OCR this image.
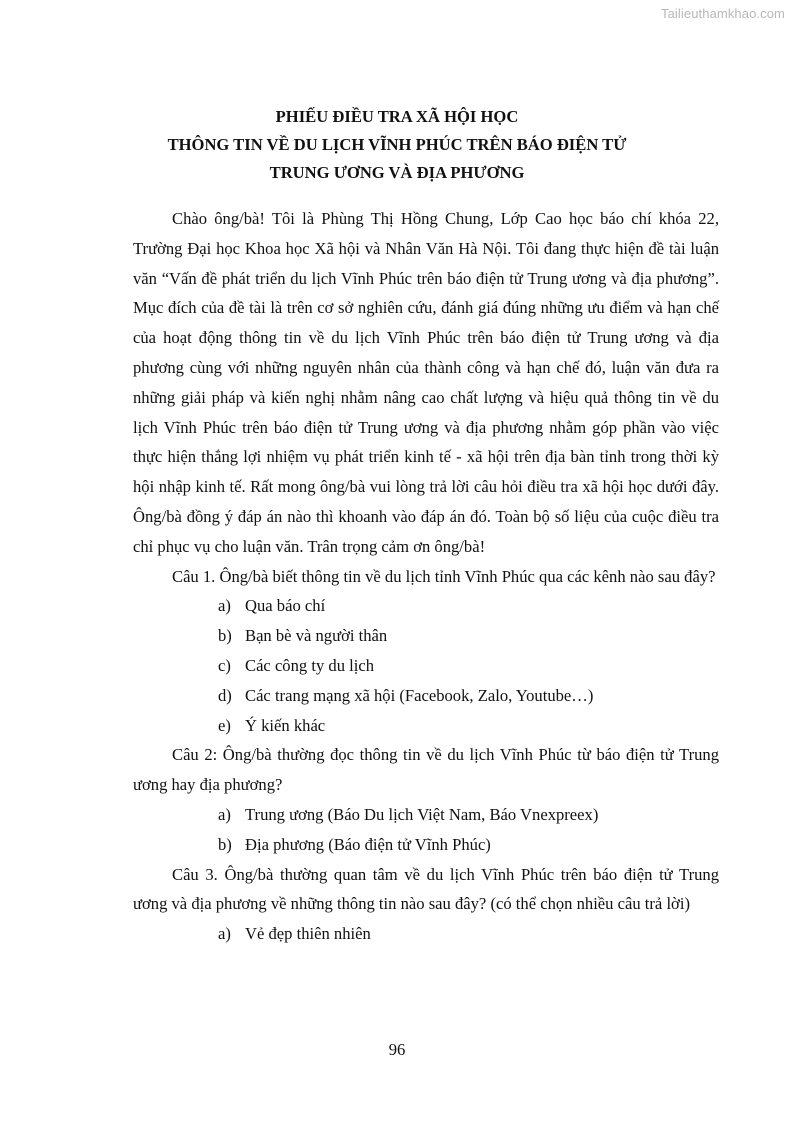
Tailieuthamkhao.com
PHIẾU ĐIỀU TRA XÃ HỘI HỌC
THÔNG TIN VỀ DU LỊCH VĨNH PHÚC TRÊN BÁO ĐIỆN TỬ
TRUNG ƯƠNG VÀ ĐỊA PHƯƠNG

Chào ông/bà! Tôi là Phùng Thị Hồng Chung, Lớp Cao học báo chí khóa 22, Trường Đại học Khoa học Xã hội và Nhân Văn Hà Nội. Tôi đang thực hiện đề tài luận văn “Vấn đề phát triển du lịch Vĩnh Phúc trên báo điện tử Trung ương và địa phương”. Mục đích của đề tài là trên cơ sở nghiên cứu, đánh giá đúng những ưu điểm và hạn chế của hoạt động thông tin về du lịch Vĩnh Phúc trên báo điện tử Trung ương và địa phương cùng với những nguyên nhân của thành công và hạn chế đó, luận văn đưa ra những giải pháp và kiến nghị nhằm nâng cao chất lượng và hiệu quả thông tin về du lịch Vĩnh Phúc trên báo điện tử Trung ương và địa phương nhằm góp phần vào việc thực hiện thắng lợi nhiệm vụ phát triển kinh tế - xã hội trên địa bàn tỉnh trong thời kỳ hội nhập kinh tế. Rất mong ông/bà vui lòng trả lời câu hỏi điều tra xã hội học dưới đây. Ông/bà đồng ý đáp án nào thì khoanh vào đáp án đó. Toàn bộ số liệu của cuộc điều tra chỉ phục vụ cho luận văn. Trân trọng cảm ơn ông/bà!

Câu 1. Ông/bà biết thông tin về du lịch tỉnh Vĩnh Phúc qua các kênh nào sau đây?

a) Qua báo chí
b) Bạn bè và người thân
c) Các công ty du lịch
d) Các trang mạng xã hội (Facebook, Zalo, Youtube…)
e) Ý kiến khác

Câu 2: Ông/bà thường đọc thông tin về du lịch Vĩnh Phúc từ báo điện tử Trung ương hay địa phương?

a) Trung ương (Báo Du lịch Việt Nam, Báo Vnexpreex)
b) Địa phương (Báo điện tử Vĩnh Phúc)

Câu 3. Ông/bà thường quan tâm về du lịch Vĩnh Phúc trên báo điện tử Trung ương và địa phương về những thông tin nào sau đây? (có thể chọn nhiều câu trả lời)

a) Vẻ đẹp thiên nhiên
96
